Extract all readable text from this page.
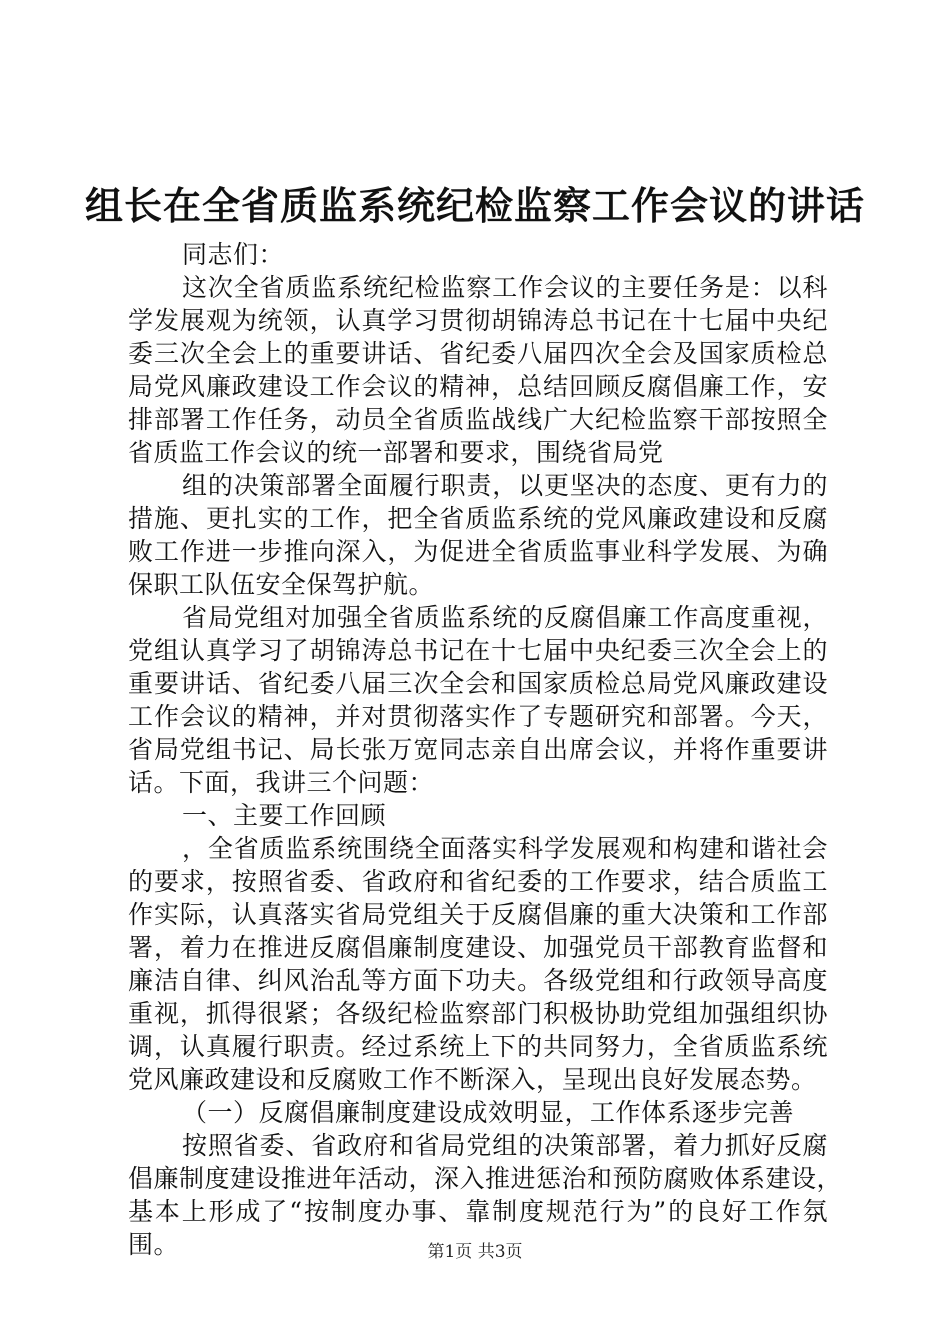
组长在全省质监系统纪检监察工作会议的讲话
同志们：
这次全省质监系统纪检监察工作会议的主要任务是：以科
学发展观为统领，认真学习贯彻胡锦涛总书记在十七届中央纪
委三次全会上的重要讲话、省纪委八届四次全会及国家质检总
局党风廉政建设工作会议的精神，总结回顾反腐倡廉工作，安
排部署工作任务，动员全省质监战线广大纪检监察干部按照全
省质监工作会议的统一部署和要求，围绕省局党
组的决策部署全面履行职责，以更坚决的态度、更有力的
措施、更扎实的工作，把全省质监系统的党风廉政建设和反腐
败工作进一步推向深入，为促进全省质监事业科学发展、为确
保职工队伍安全保驾护航。
省局党组对加强全省质监系统的反腐倡廉工作高度重视，
党组认真学习了胡锦涛总书记在十七届中央纪委三次全会上的
重要讲话、省纪委八届三次全会和国家质检总局党风廉政建设
工作会议的精神，并对贯彻落实作了专题研究和部署。今天，
省局党组书记、局长张万宽同志亲自出席会议，并将作重要讲
话。下面，我讲三个问题：
一、主要工作回顾
，全省质监系统围绕全面落实科学发展观和构建和谐社会
的要求，按照省委、省政府和省纪委的工作要求，结合质监工
作实际，认真落实省局党组关于反腐倡廉的重大决策和工作部
署，着力在推进反腐倡廉制度建设、加强党员干部教育监督和
廉洁自律、纠风治乱等方面下功夫。各级党组和行政领导高度
重视，抓得很紧；各级纪检监察部门积极协助党组加强组织协
调，认真履行职责。经过系统上下的共同努力，全省质监系统
党风廉政建设和反腐败工作不断深入，呈现出良好发展态势。
（一）反腐倡廉制度建设成效明显，工作体系逐步完善
按照省委、省政府和省局党组的决策部署，着力抓好反腐
倡廉制度建设推进年活动，深入推进惩治和预防腐败体系建设，
基本上形成了“按制度办事、靠制度规范行为”的良好工作氛
围。	第1页 共3页
